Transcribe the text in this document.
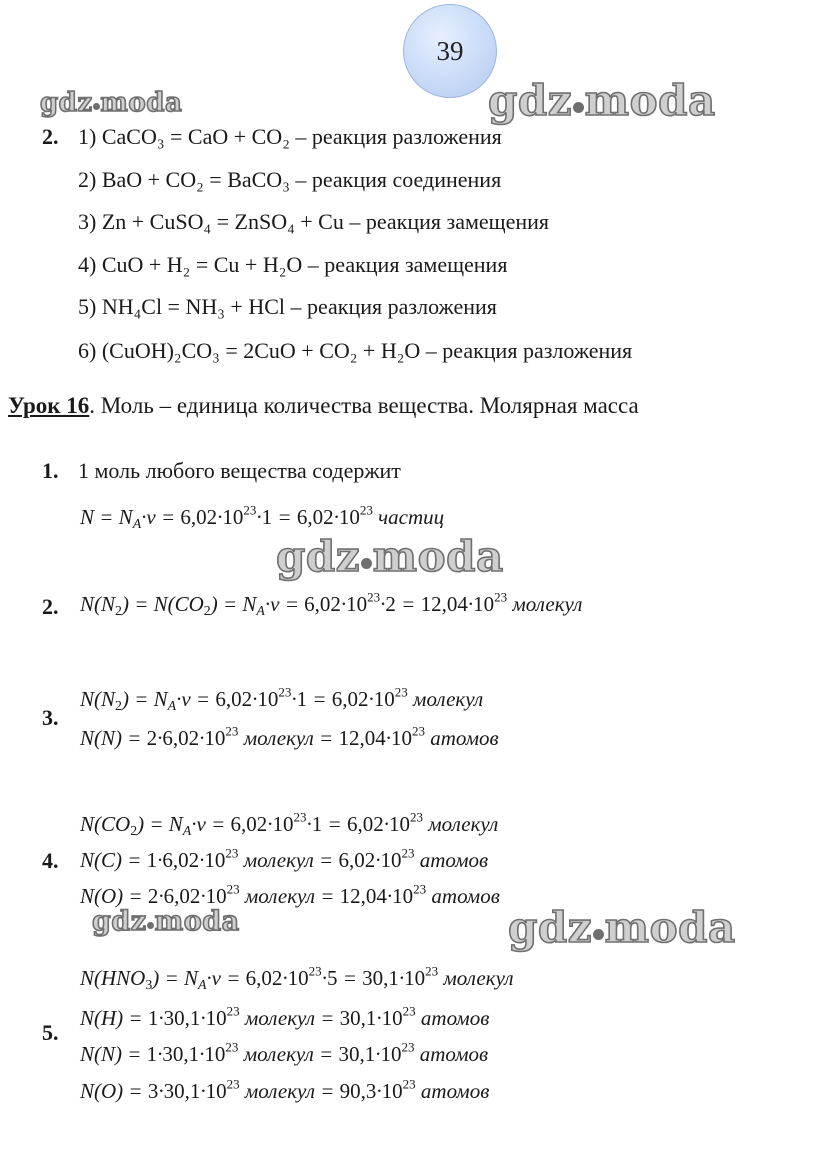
39
gdz moda	gdz moda
gdz moda
gdz moda	gdz moda
2. 1) CaCO₃ = CaO + CO₂ – реакция разложения
2) BaO + CO₂ = BaCO₃ – реакция соединения
3) Zn + CuSO₄ = ZnSO₄ + Cu – реакция замещения
4) CuO + H₂ = Cu + H₂O – реакция замещения
5) NH₄Cl = NH₃ + HCl – реакция разложения
6) (CuOH)₂CO₃ = 2CuO + CO₂ + H₂O – реакция разложения
Урок 16. Моль – единица количества вещества. Молярная масса
1. 1 моль любого вещества содержит
$N = N_A\cdot\nu = 6,02\cdot 10^{23}\cdot 1 = 6,02\cdot 10^{23}$ частиц
2. $N(N_2) = N(CO_2) = N_A\cdot\nu = 6,02\cdot 10^{23}\cdot 2 = 12,04\cdot 10^{23}$ молекул
3.
$N(N_2) = N_A\cdot\nu = 6,02\cdot 10^{23}\cdot 1 = 6,02\cdot 10^{23}$ молекул
$N(N) = 2\cdot 6,02\cdot 10^{23}$ молекул = $12,04\cdot 10^{23}$ атомов
4.
$N(CO_2) = N_A\cdot\nu = 6,02\cdot 10^{23}\cdot 1 = 6,02\cdot 10^{23}$ молекул
$N(C) = 1\cdot 6,02\cdot 10^{23}$ молекул = $6,02\cdot 10^{23}$ атомов
$N(O) = 2\cdot 6,02\cdot 10^{23}$ молекул = $12,04\cdot 10^{23}$ атомов
5.
$N(HNO_3) = N_A\cdot\nu = 6,02\cdot 10^{23}\cdot 5 = 30,1\cdot 10^{23}$ молекул
$N(H) = 1\cdot 30,1\cdot 10^{23}$ молекул = $30,1\cdot 10^{23}$ атомов
$N(N) = 1\cdot 30,1\cdot 10^{23}$ молекул = $30,1\cdot 10^{23}$ атомов
$N(O) = 3\cdot 30,1\cdot 10^{23}$ молекул = $90,3\cdot 10^{23}$ атомов
